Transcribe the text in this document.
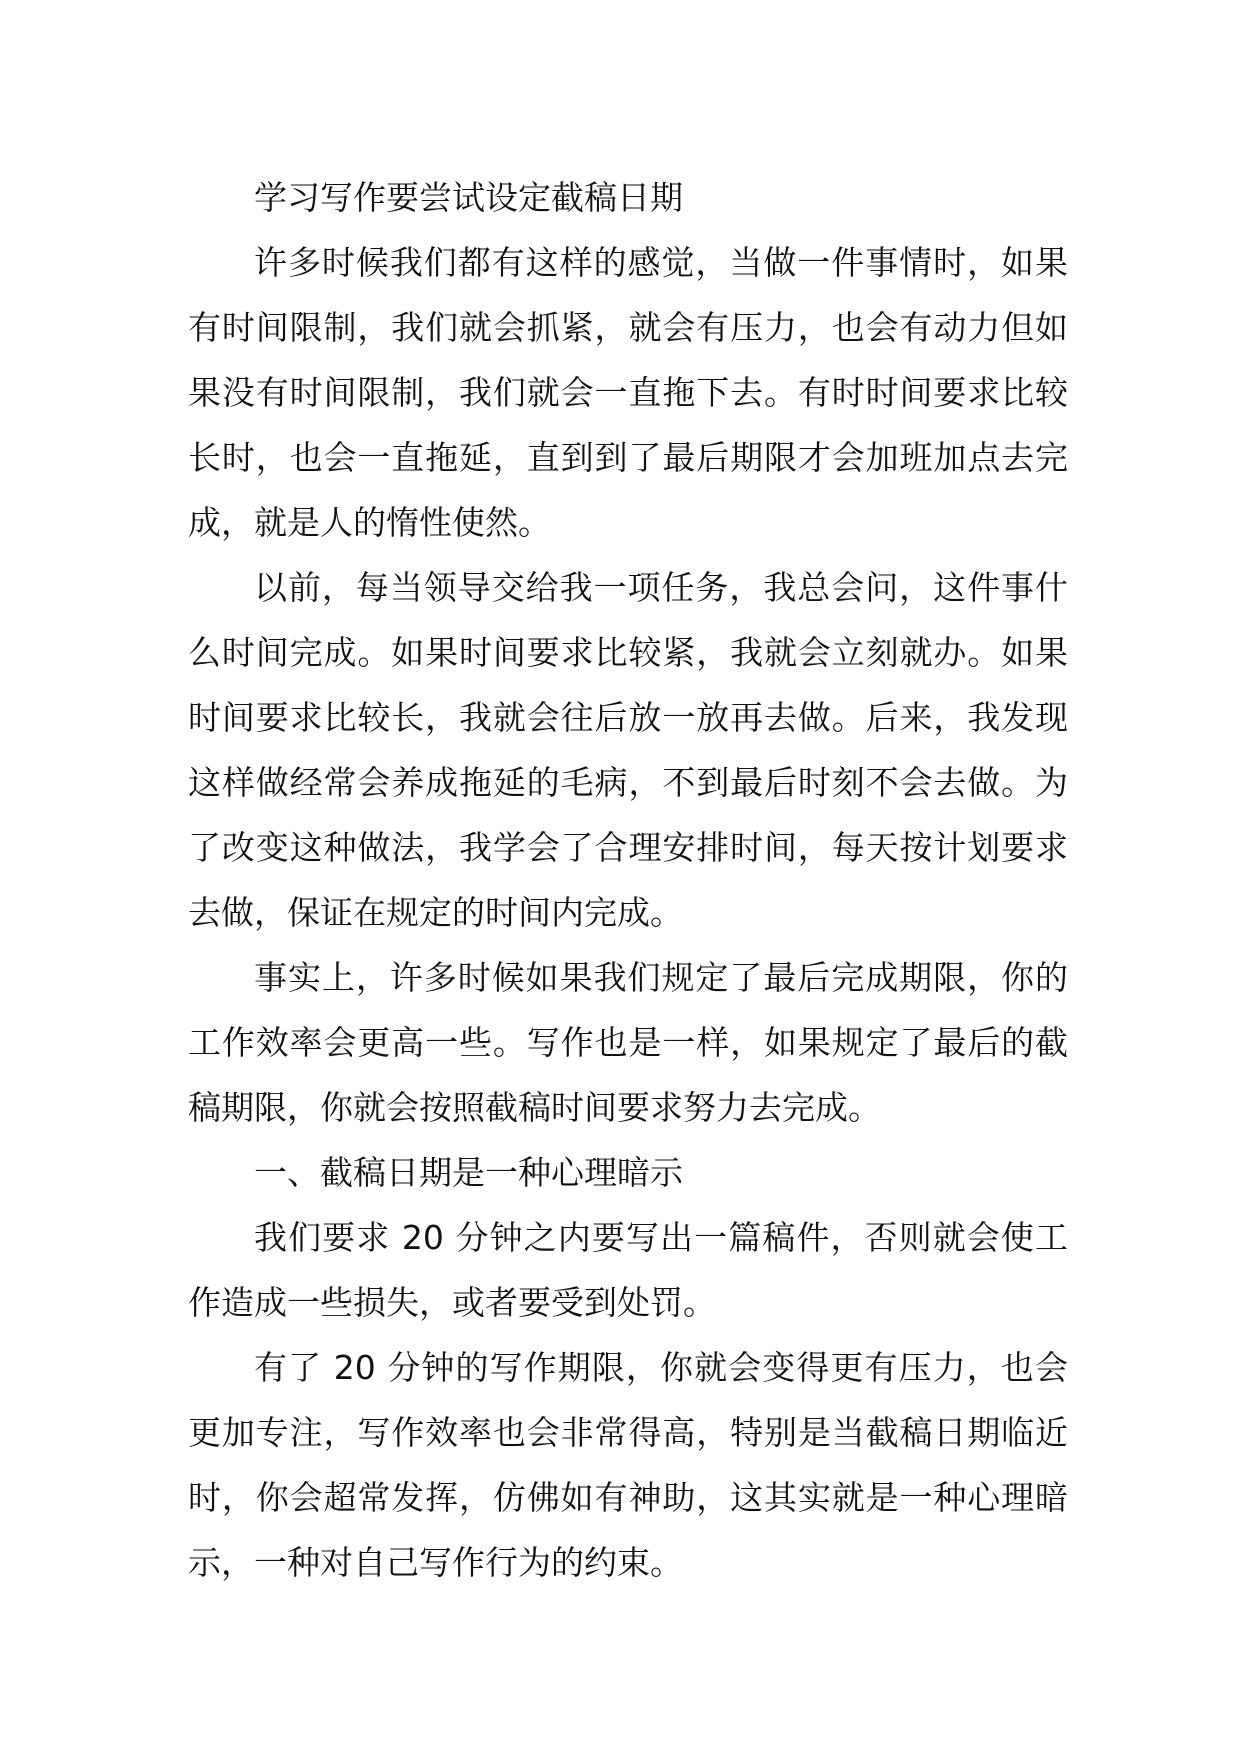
学习写作要尝试设定截稿日期

许多时候我们都有这样的感觉，当做一件事情时，如果有时间限制，我们就会抓紧，就会有压力，也会有动力但如果没有时间限制，我们就会一直拖下去。有时时间要求比较长时，也会一直拖延，直到到了最后期限才会加班加点去完成，就是人的惰性使然。

以前，每当领导交给我一项任务，我总会问，这件事什么时间完成。如果时间要求比较紧，我就会立刻就办。如果时间要求比较长，我就会往后放一放再去做。后来，我发现这样做经常会养成拖延的毛病，不到最后时刻不会去做。为了改变这种做法，我学会了合理安排时间，每天按计划要求去做，保证在规定的时间内完成。

事实上，许多时候如果我们规定了最后完成期限，你的工作效率会更高一些。写作也是一样，如果规定了最后的截稿期限，你就会按照截稿时间要求努力去完成。

一、截稿日期是一种心理暗示

我们要求 20 分钟之内要写出一篇稿件，否则就会使工作造成一些损失，或者要受到处罚。

有了 20 分钟的写作期限，你就会变得更有压力，也会更加专注，写作效率也会非常得高，特别是当截稿日期临近时，你会超常发挥，仿佛如有神助，这其实就是一种心理暗示，一种对自己写作行为的约束。
